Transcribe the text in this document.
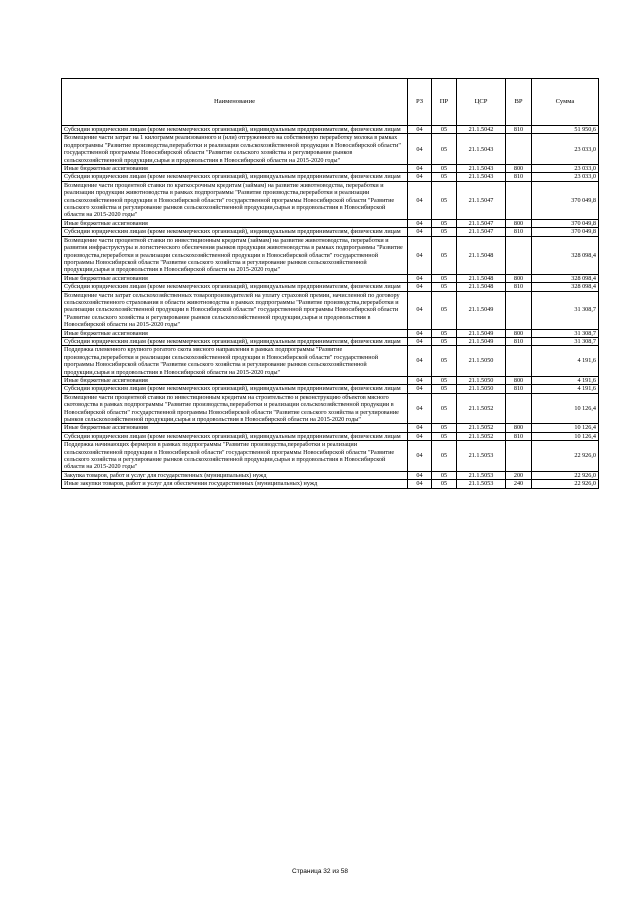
Наименование	РЗ	ПР	ЦСР	ВР	Сумма
Субсидии юридическим лицам (кроме некоммерческих организаций), индивидуальным предпринимателям, физическим лицам	04	05	21.1.5042	810	51 950,6
Возмещение части затрат на 1 килограмм реализованного и (или) отгруженного на собственную переработку молока в рамках подпрограммы "Развитие производства,переработки и реализации сельскохозяйственной продукции в Новосибирской области" государственной программы Новосибирской области "Развитие сельского хозяйства и регулирование рынков сельскохозяйственной продукции,сырья и продовольствия в Новосибирской области на 2015-2020 годы"	04	05	21.1.5043		23 033,0
Иные бюджетные ассигнования	04	05	21.1.5043	800	23 033,0
Субсидии юридическим лицам (кроме некоммерческих организаций), индивидуальным предпринимателям, физическим лицам	04	05	21.1.5043	810	23 033,0
Возмещение части процентной ставки по краткосрочным кредитам (займам) на развитие животноводства, переработки и реализации продукции животноводства в рамках подпрограммы "Развитие производства,переработки и реализации сельскохозяйственной продукции в Новосибирской области" государственной программы Новосибирской области "Развитие сельского хозяйства и регулирование рынков сельскохозяйственной продукции,сырья и продовольствия в Новосибирской области на 2015-2020 годы"	04	05	21.1.5047		370 049,8
Иные бюджетные ассигнования	04	05	21.1.5047	800	370 049,8
Субсидии юридическим лицам (кроме некоммерческих организаций), индивидуальным предпринимателям, физическим лицам	04	05	21.1.5047	810	370 049,8
Возмещение части процентной ставки по инвестиционным кредитам (займам) на развитие животноводства, переработки и развития инфраструктуры и логистического обеспечения рынков продукции животноводства в рамках подпрограммы "Развитие производства,переработки и реализации сельскохозяйственной продукции в Новосибирской области" государственной программы Новосибирской области "Развитие сельского хозяйства и регулирование рынков сельскохозяйственной продукции,сырья и продовольствия в Новосибирской области на 2015-2020 годы"	04	05	21.1.5048		328 098,4
Иные бюджетные ассигнования	04	05	21.1.5048	800	328 098,4
Субсидии юридическим лицам (кроме некоммерческих организаций), индивидуальным предпринимателям, физическим лицам	04	05	21.1.5048	810	328 098,4
Возмещение части затрат сельскохозяйственных товаропроизводителей на уплату страховой премии, начисленной по договору сельскохозяйственного страхования в области животноводства в рамках подпрограммы "Развитие производства,переработки и реализации сельскохозяйственной продукции в Новосибирской области" государственной программы Новосибирской области "Развитие сельского хозяйства и регулирование рынков сельскохозяйственной продукции,сырья и продовольствия в Новосибирской области на 2015-2020 годы"	04	05	21.1.5049		31 308,7
Иные бюджетные ассигнования	04	05	21.1.5049	800	31 308,7
Субсидии юридическим лицам (кроме некоммерческих организаций), индивидуальным предпринимателям, физическим лицам	04	05	21.1.5049	810	31 308,7
Поддержка племенного крупного рогатого скота мясного направления в рамках подпрограммы "Развитие производства,переработки и реализации сельскохозяйственной продукции в Новосибирской области" государственной программы Новосибирской области "Развитие сельского хозяйства и регулирование рынков сельскохозяйственной продукции,сырья и продовольствия в Новосибирской области на 2015-2020 годы"	04	05	21.1.5050		4 191,6
Иные бюджетные ассигнования	04	05	21.1.5050	800	4 191,6
Субсидии юридическим лицам (кроме некоммерческих организаций), индивидуальным предпринимателям, физическим лицам	04	05	21.1.5050	810	4 191,6
Возмещение части процентной ставки по инвестиционным кредитам на строительство и реконструкцию объектов мясного скотоводства в рамках подпрограммы "Развитие производства,переработки и реализации сельскохозяйственной продукции в Новосибирской области" государственной программы Новосибирской области "Развитие сельского хозяйства и регулирование рынков сельскохозяйственной продукции,сырья и продовольствия в Новосибирской области на 2015-2020 годы"	04	05	21.1.5052		10 126,4
Иные бюджетные ассигнования	04	05	21.1.5052	800	10 126,4
Субсидии юридическим лицам (кроме некоммерческих организаций), индивидуальным предпринимателям, физическим лицам	04	05	21.1.5052	810	10 126,4
Поддержка начинающих фермеров в рамках подпрограммы "Развитие производства,переработки и реализации сельскохозяйственной продукции в Новосибирской области" государственной программы Новосибирской области "Развитие сельского хозяйства и регулирование рынков сельскохозяйственной продукции,сырья и продовольствия в Новосибирской области на 2015-2020 годы"	04	05	21.1.5053		22 926,0
Закупка товаров, работ и услуг для государственных (муниципальных) нужд	04	05	21.1.5053	200	22 926,0
Иные закупки товаров, работ и услуг для обеспечения государственных (муниципальных) нужд	04	05	21.1.5053	240	22 926,0
Страница 32 из 58
